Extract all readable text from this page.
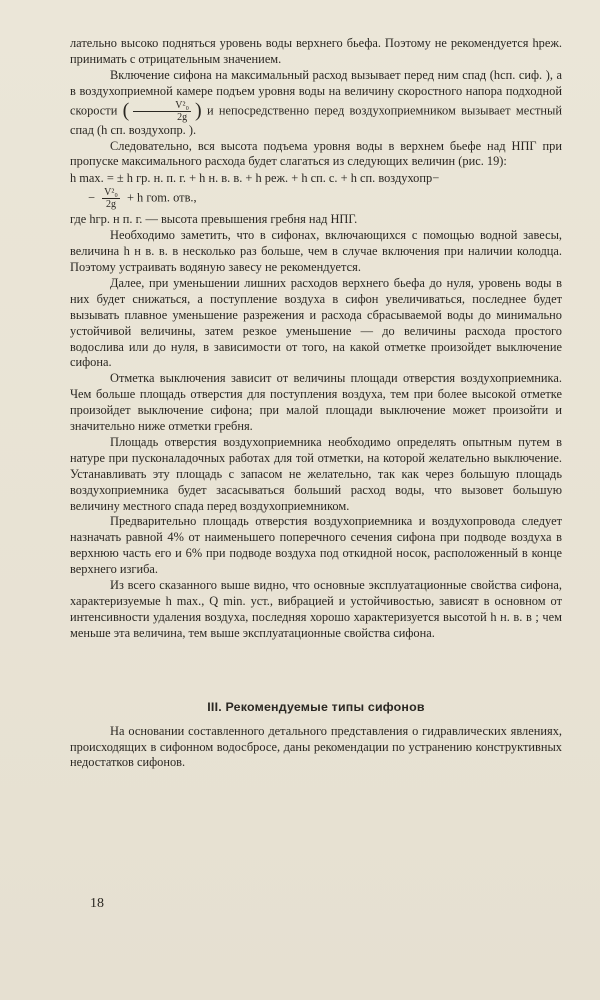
лательно высоко подняться уровень воды верхнего бьефа. Поэтому не рекомендуется hреж. принимать с отрицательным значением.

Включение сифона на максимальный расход вызывает перед ним спад (hсп. сиф. ), а в воздухоприемной камере подъем уровня воды на величину скоростного напора подходной скорости ( $\frac{\text{V²₀}}{2g}$ ) и непосредственно перед воздухоприемником вызывает местный спад (h сп. воздухопр. ).

Следовательно, вся высота подъема уровня воды в верхнем бьефе над НПГ при пропуске максимального расхода будет слагаться из следующих величин (рис. 19):

h max. = ± h гр. н. п. г. + h н. в. в. + h реж. + h сп. с. + h сп. воздухопр−
− $\frac{\text{V²₀}}{2g} + h$ гоm. отв.,

где hгр. н п. г. — высота превышения гребня над НПГ.

Необходимо заметить, что в сифонах, включающихся с помощью водной завесы, величина h н в. в. в несколько раз больше, чем в случае включения при наличии колодца. Поэтому устраивать водяную завесу не рекомендуется.

Далее, при уменьшении лишних расходов верхнего бьефа до нуля, уровень воды в них будет снижаться, а поступление воздуха в сифон увеличиваться, последнее будет вызывать плавное уменьшение разрежения и расхода сбрасываемой воды до минимально устойчивой величины, затем резкое уменьшение — до величины расхода простого водослива или до нуля, в зависимости от того, на какой отметке произойдет выключение сифона.

Отметка выключения зависит от величины площади отверстия воздухоприемника. Чем больше площадь отверстия для поступления воздуха, тем при более высокой отметке произойдет выключение сифона; при малой площади выключение может произойти и значительно ниже отметки гребня.

Площадь отверстия воздухоприемника необходимо определять опытным путем в натуре при пусконаладочных работах для той отметки, на которой желательно выключение. Устанавливать эту площадь с запасом не желательно, так как через большую площадь воздухоприемника будет засасываться больший расход воды, что вызовет большую величину местного спада перед воздухоприемником.

Предварительно площадь отверстия воздухоприемника и воздухопровода следует назначать равной 4% от наименьшего поперечного сечения сифона при подводе воздуха в верхнюю часть его и 6% при подводе воздуха под откидной носок, расположенный в конце верхнего изгиба.

Из всего сказанного выше видно, что основные эксплуатационные свойства сифона, характеризуемые h max., Q min. уст., вибрацией и устойчивостью, зависят в основном от интенсивности удаления воздуха, последняя хорошо характеризуется высотой h н. в. в ; чем меньше эта величина, тем выше эксплуатационные свойства сифона.

III. Рекомендуемые типы сифонов

На основании составленного детального представления о гидравлических явлениях, происходящих в сифонном водосбросе, даны рекомендации по устранению конструктивных недостатков сифонов.

18
